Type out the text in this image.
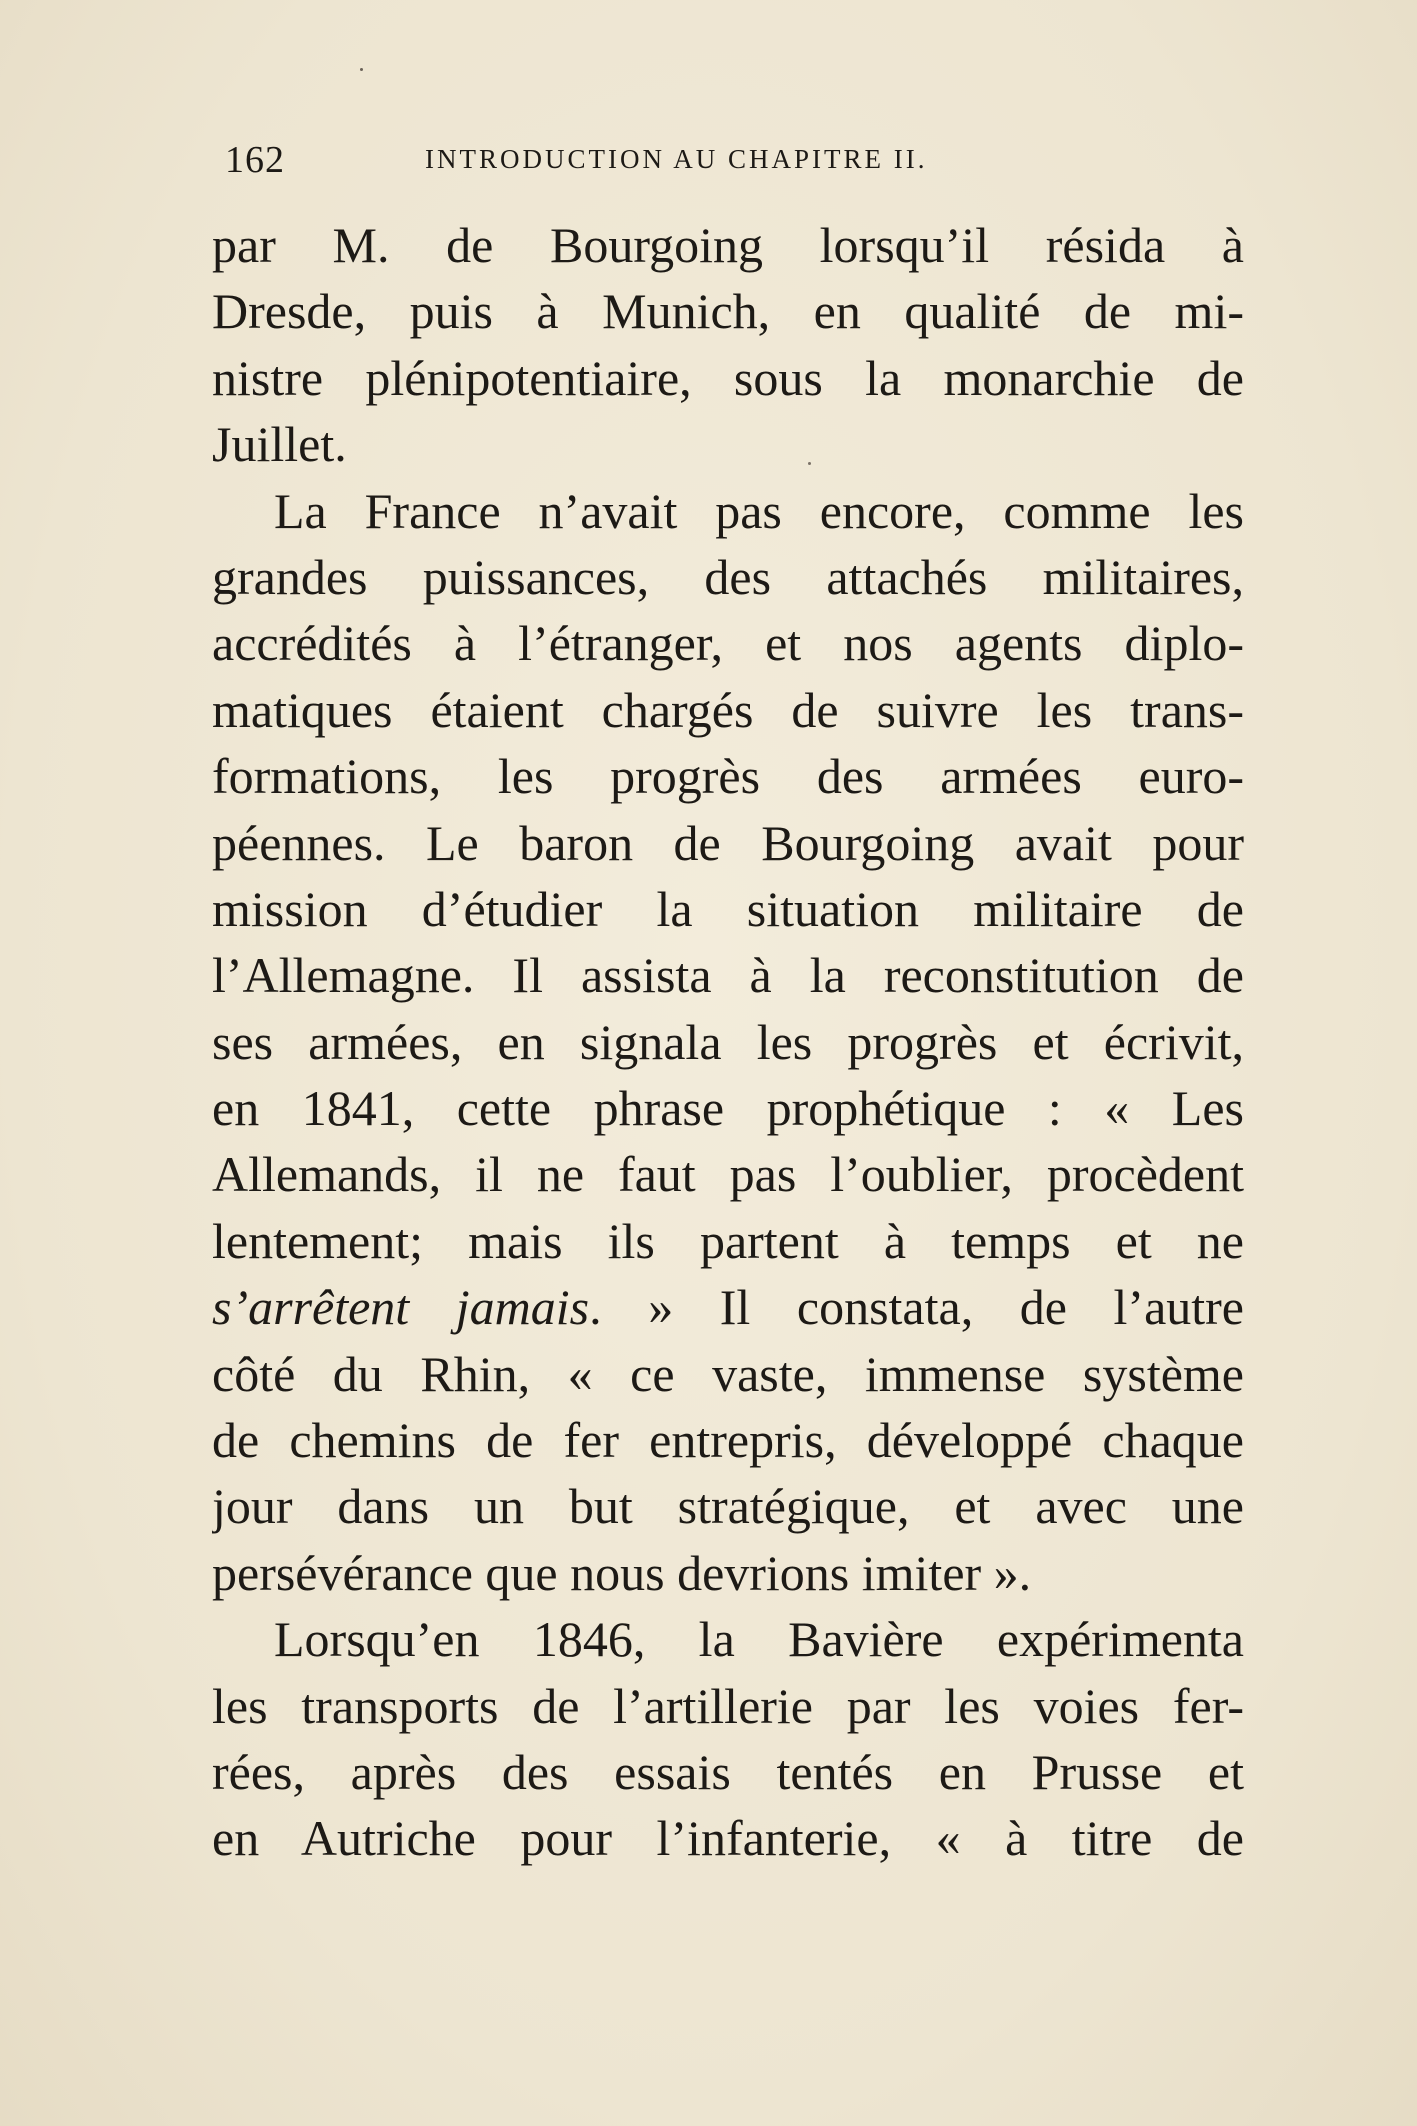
162	INTRODUCTION AU CHAPITRE II.
par M. de Bourgoing lorsqu’il résida à
Dresde, puis à Munich, en qualité de mi-
nistre plénipotentiaire, sous la monarchie de
Juillet.
La France n’avait pas encore, comme les
grandes puissances, des attachés militaires,
accrédités à l’étranger, et nos agents diplo-
matiques étaient chargés de suivre les trans-
formations, les progrès des armées euro-
péennes. Le baron de Bourgoing avait pour
mission d’étudier la situation militaire de
l’Allemagne. Il assista à la reconstitution de
ses armées, en signala les progrès et écrivit,
en 1841, cette phrase prophétique : « Les
Allemands, il ne faut pas l’oublier, procèdent
lentement; mais ils partent à temps et ne
s’arrêtent jamais. » Il constata, de l’autre
côté du Rhin, « ce vaste, immense système
de chemins de fer entrepris, développé chaque
jour dans un but stratégique, et avec une
persévérance que nous devrions imiter ».
Lorsqu’en 1846, la Bavière expérimenta
les transports de l’artillerie par les voies fer-
rées, après des essais tentés en Prusse et
en Autriche pour l’infanterie, « à titre de
